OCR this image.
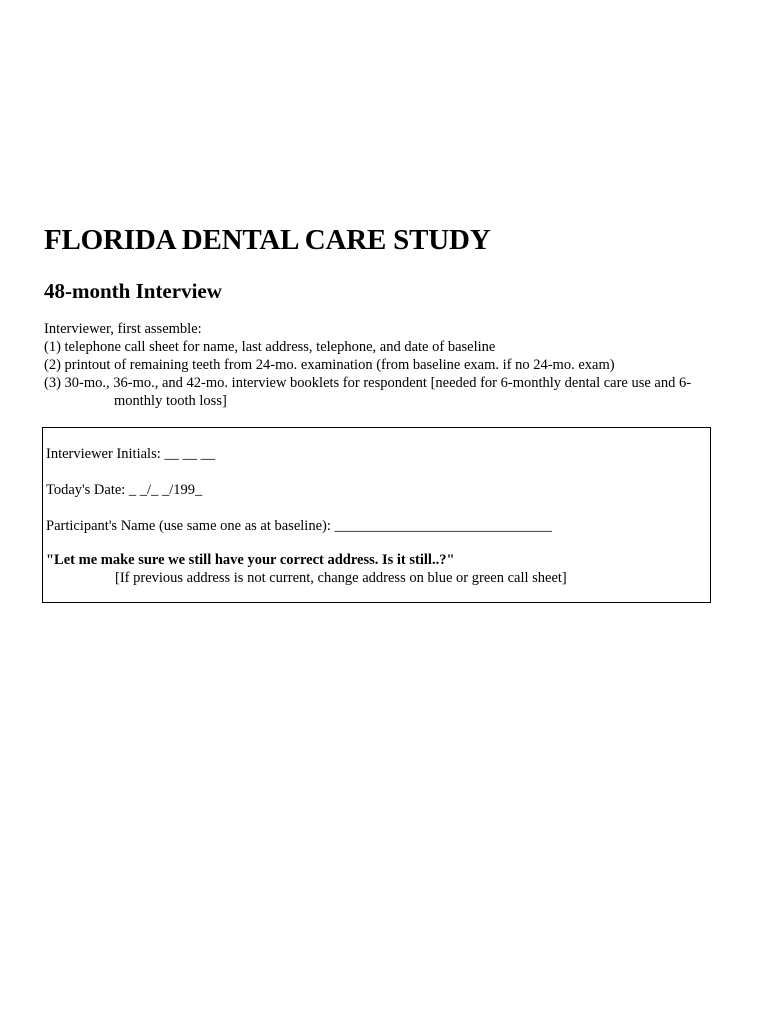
FLORIDA DENTAL CARE STUDY
48-month Interview
Interviewer, first assemble:
(1) telephone call sheet for name, last address, telephone, and date of baseline
(2) printout of remaining teeth from 24-mo. examination (from baseline exam. if no 24-mo. exam)
(3) 30-mo., 36-mo., and 42-mo. interview booklets for respondent [needed for 6-monthly dental care use and 6-
monthly tooth loss]
Interviewer Initials: __ __ __
Today's Date: _ _/_ _/199_
Participant's Name (use same one as at baseline): ______________________________
"Let me make sure we still have your correct address. Is it still..?"
[If previous address is not current, change address on blue or green call sheet]
